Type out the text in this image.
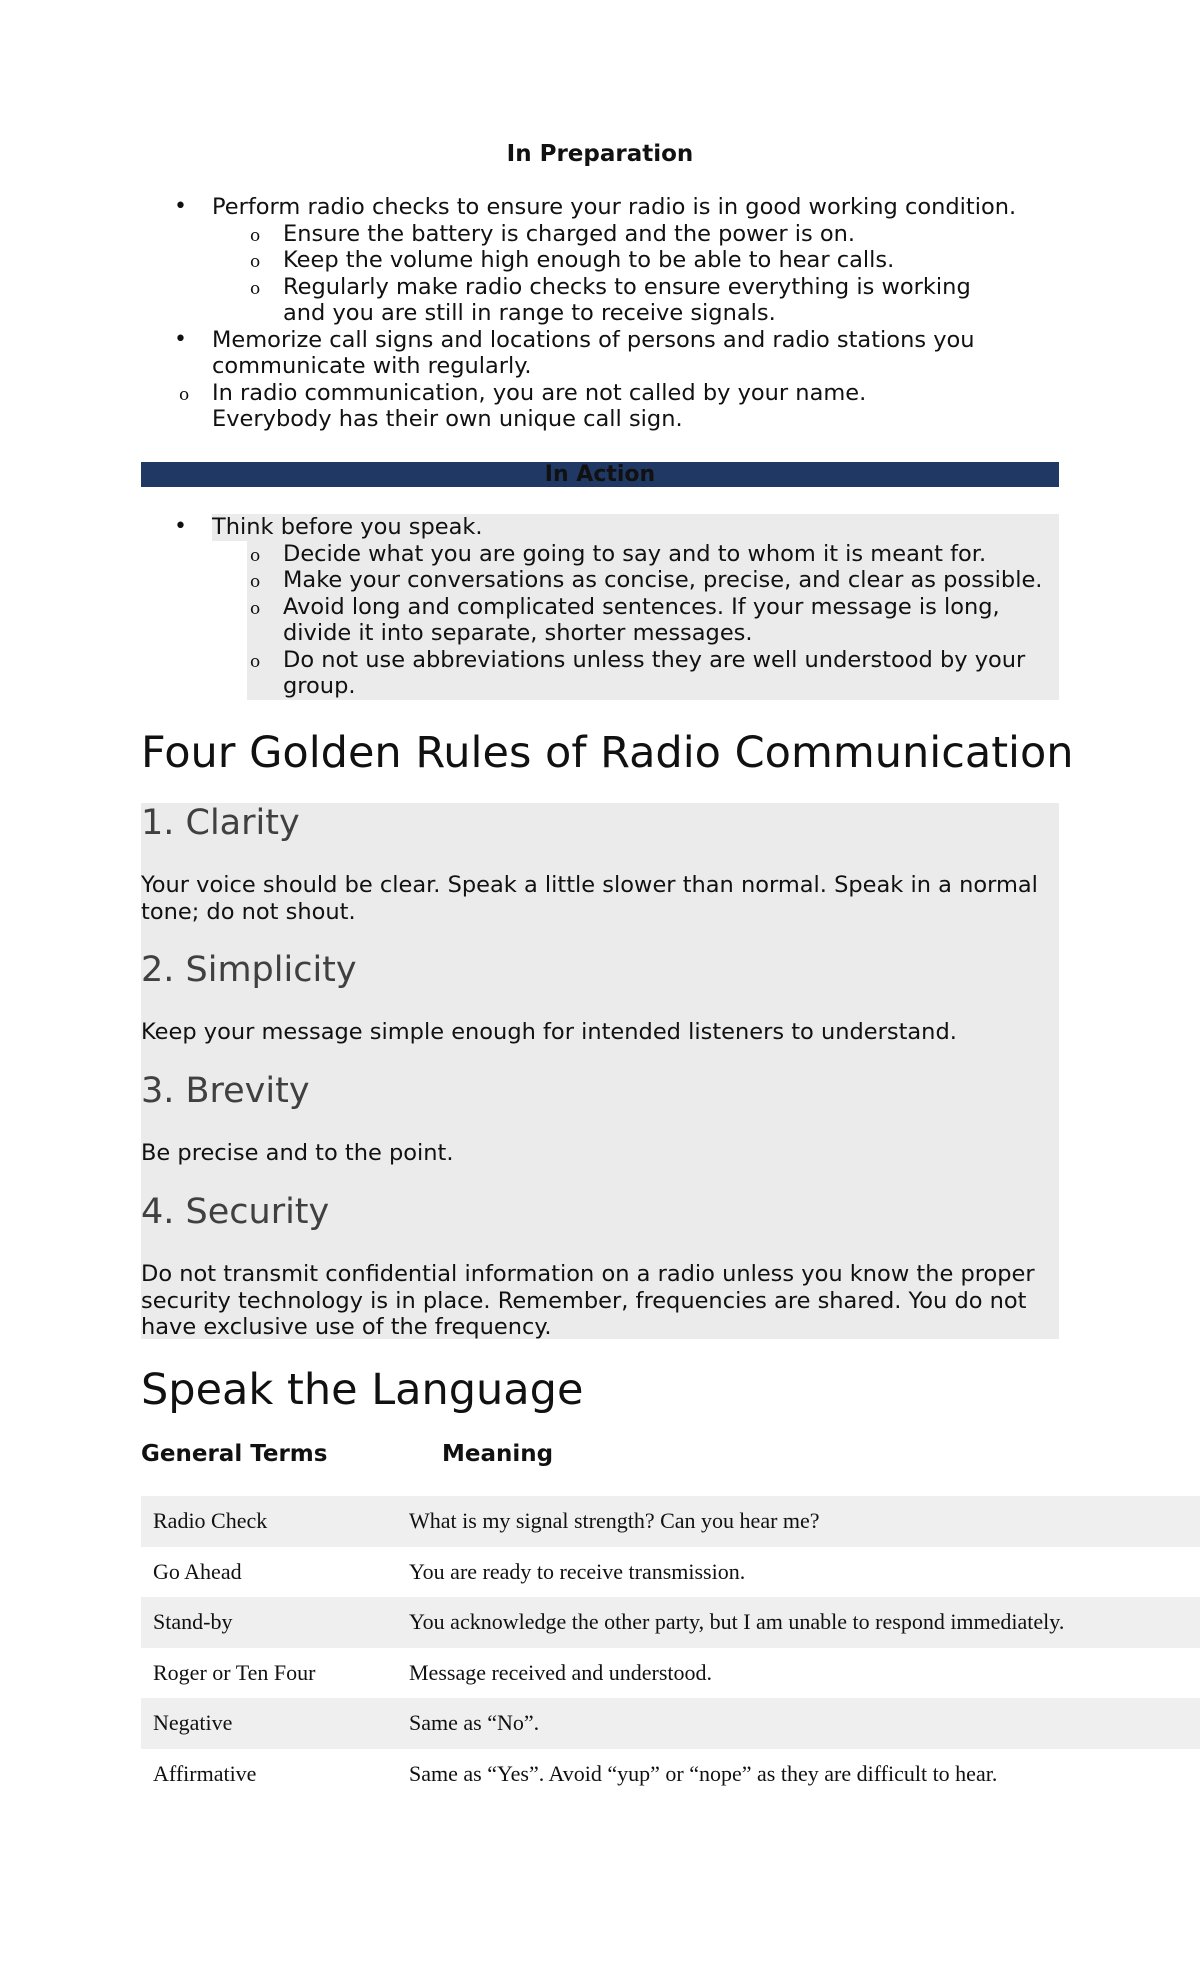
In Preparation
• Perform radio checks to ensure your radio is in good working condition.
o Ensure the battery is charged and the power is on.
o Keep the volume high enough to be able to hear calls.
o Regularly make radio checks to ensure everything is working and you are still in range to receive signals.
• Memorize call signs and locations of persons and radio stations you communicate with regularly.
o In radio communication, you are not called by your name. Everybody has their own unique call sign.
In Action
• Think before you speak.
o Decide what you are going to say and to whom it is meant for.
o Make your conversations as concise, precise, and clear as possible.
o Avoid long and complicated sentences. If your message is long, divide it into separate, shorter messages.
o Do not use abbreviations unless they are well understood by your group.
Four Golden Rules of Radio Communication
1. Clarity

Your voice should be clear. Speak a little slower than normal. Speak in a normal tone; do not shout.

2. Simplicity

Keep your message simple enough for intended listeners to understand.

3. Brevity

Be precise and to the point.

4. Security

Do not transmit confidential information on a radio unless you know the proper security technology is in place. Remember, frequencies are shared. You do not have exclusive use of the frequency.

Speak the Language
General Terms	Meaning
Radio Check	What is my signal strength? Can you hear me?
Go Ahead	You are ready to receive transmission.
Stand-by	You acknowledge the other party, but I am unable to respond immediately.
Roger or Ten Four	Message received and understood.
Negative	Same as “No”.
Affirmative	Same as “Yes”. Avoid “yup” or “nope” as they are difficult to hear.
